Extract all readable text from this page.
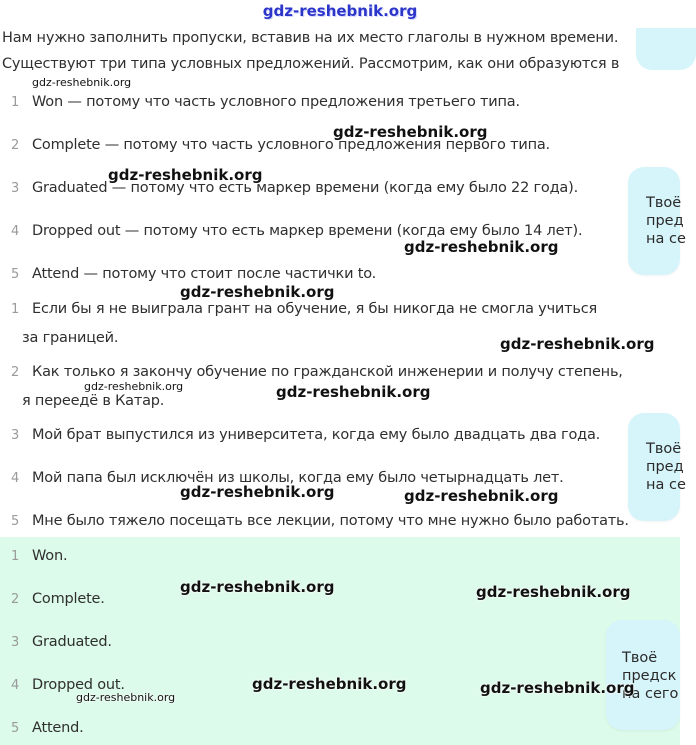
gdz-reshebnik.org
Нам нужно заполнить пропуски, вставив на их место глаголы в нужном времени.
Существуют три типа условных предложений. Рассмотрим, как они образуются в
1 Won — потому что часть условного предложения третьего типа.
2 Complete — потому что часть условного предложения первого типа.
3 Graduated — потому что есть маркер времени (когда ему было 22 года).
4 Dropped out — потому что есть маркер времени (когда ему было 14 лет).
5 Attend — потому что стоит после частички to.
1 Если бы я не выиграла грант на обучение, я бы никогда не смогла учиться за границей.
2 Как только я закончу обучение по гражданской инженерии и получу степень, я переедё в Катар.
3 Мой брат выпустился из университета, когда ему было двадцать два года.
4 Мой папа был исключён из школы, когда ему было четырнадцать лет.
5 Мне было тяжело посещать все лекции, потому что мне нужно было работать.
1 Won.
2 Complete.
3 Graduated.
4 Dropped out.
5 Attend.
Твоё
пред
на се
Твоё
пред
на се
Твоё
предск
на сего
gdz-reshebnik.org
gdz-reshebnik.org
gdz-reshebnik.org
gdz-reshebnik.org
gdz-reshebnik.org
gdz-reshebnik.org
gdz-reshebnik.org	gdz-reshebnik.org
gdz-reshebnik.org	gdz-reshebnik.org
gdz-reshebnik.org	gdz-reshebnik.org
gdz-reshebnik.org	gdz-reshebnik.org
gdz-reshebnik.org
